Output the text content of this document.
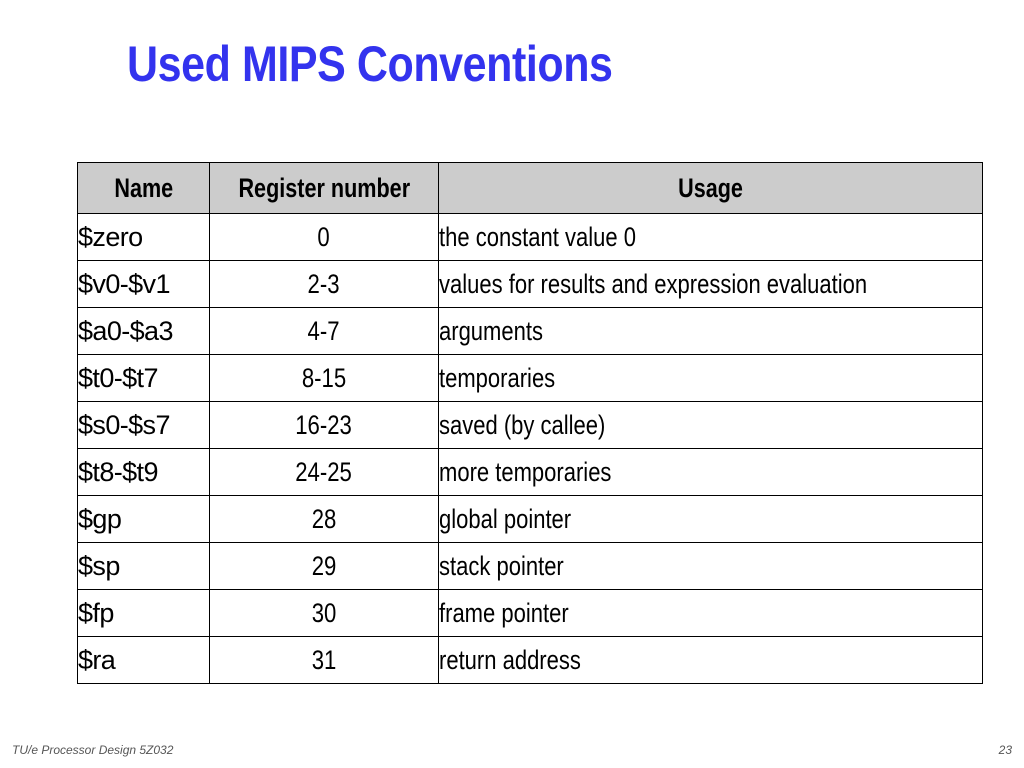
Used MIPS Conventions
Name	Register number	Usage
$zero	0	the constant value 0
$v0-$v1	2-3	values for results and expression evaluation
$a0-$a3	4-7	arguments
$t0-$t7	8-15	temporaries
$s0-$s7	16-23	saved (by callee)
$t8-$t9	24-25	more temporaries
$gp	28	global pointer
$sp	29	stack pointer
$fp	30	frame pointer
$ra	31	return address
TU/e Processor Design 5Z032	23
